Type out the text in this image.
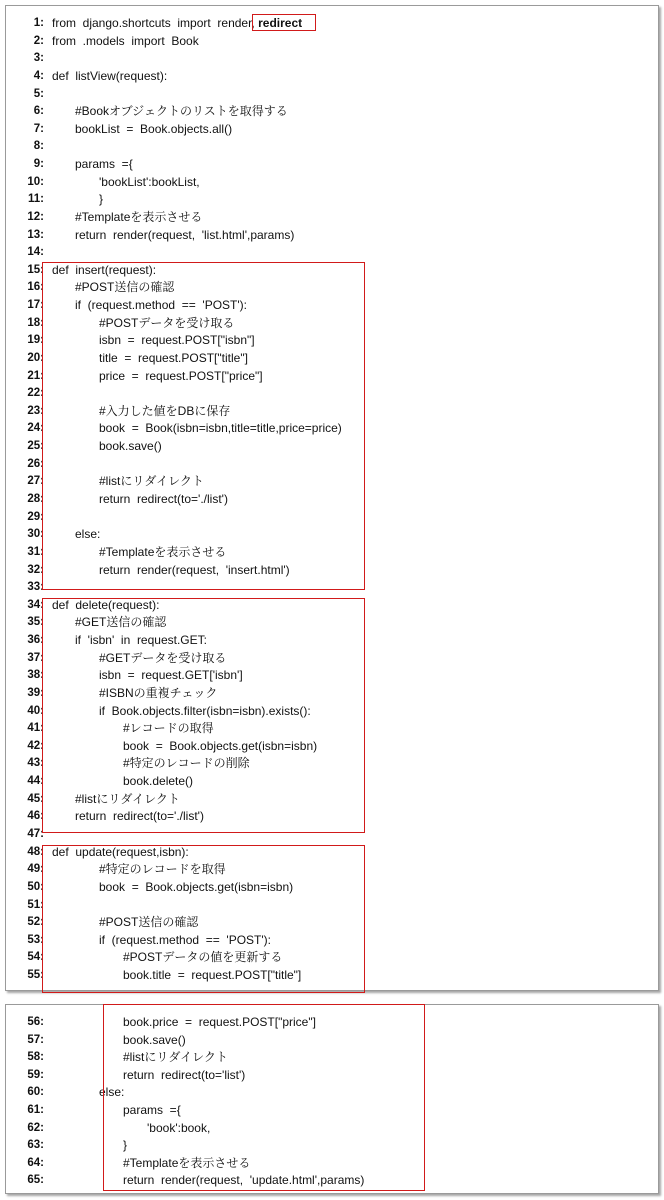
1: from  django.shortcuts  import  render, redirect
2: from  .models  import  Book
3:
4: def  listView(request):
5:
6:	#Bookオブジェクトのリストを取得する
7:	bookList  =  Book.objects.all()
8:
9:	params  ={
10:	'bookList':bookList,
11:	}
12:	#Templateを表示させる
13:	return  render(request,  'list.html',params)
14:
15: def  insert(request):
16:	#POST送信の確認
17:	if  (request.method  ==  'POST'):
18:	#POSTデータを受け取る
19:	isbn  =  request.POST["isbn"]
20:	title  =  request.POST["title"]
21:	price  =  request.POST["price"]
22:
23:	#入力した値をDBに保存
24:	book  =  Book(isbn=isbn,title=title,price=price)
25:	book.save()
26:
27:	#listにリダイレクト
28:	return  redirect(to='./list')
29:
30:	else:
31:	#Templateを表示させる
32:	return  render(request,  'insert.html')
33:
34: def  delete(request):
35:	#GET送信の確認
36:	if  'isbn'  in  request.GET:
37:	#GETデータを受け取る
38:	isbn  =  request.GET['isbn']
39:	#ISBNの重複チェック
40:	if  Book.objects.filter(isbn=isbn).exists():
41:	#レコードの取得
42:	book  =  Book.objects.get(isbn=isbn)
43:	#特定のレコードの削除
44:	book.delete()
45:	#listにリダイレクト
46:	return  redirect(to='./list')
47:
48: def  update(request,isbn):
49:	#特定のレコードを取得
50:	book  =  Book.objects.get(isbn=isbn)
51:
52:	#POST送信の確認
53:	if  (request.method  ==  'POST'):
54:	#POSTデータの値を更新する
55:	book.title  =  request.POST["title"]
56:	book.price  =  request.POST["price"]
57:	book.save()
58:	#listにリダイレクト
59:	return  redirect(to='list')
60:	else:
61:	params  ={
62:	'book':book,
63:	}
64:	#Templateを表示させる
65:	return  render(request,  'update.html',params)
